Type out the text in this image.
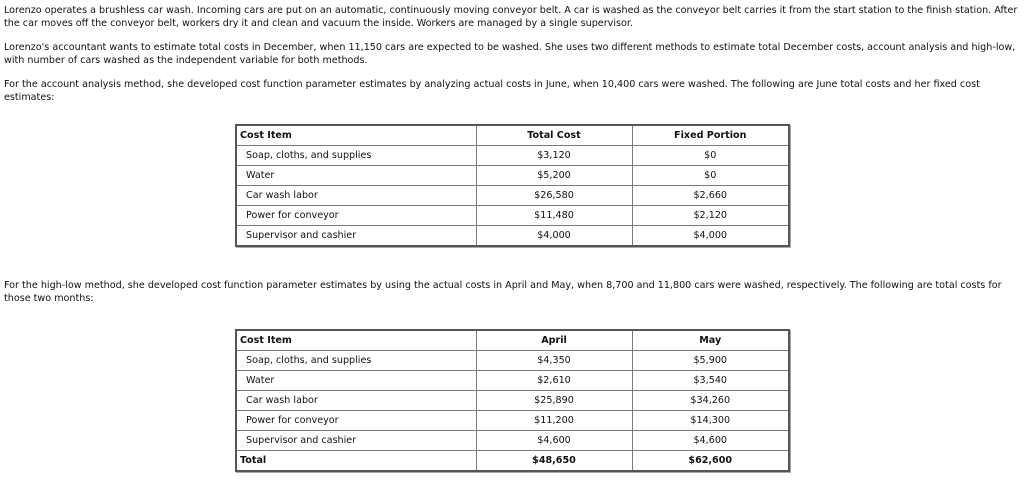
Lorenzo operates a brushless car wash. Incoming cars are put on an automatic, continuously moving conveyor belt. A car is washed as the conveyor belt carries it from the start station to the finish station. After the car moves off the conveyor belt, workers dry it and clean and vacuum the inside. Workers are managed by a single supervisor.

Lorenzo's accountant wants to estimate total costs in December, when 11,150 cars are expected to be washed. She uses two different methods to estimate total December costs, account analysis and high-low, with number of cars washed as the independent variable for both methods.

For the account analysis method, she developed cost function parameter estimates by analyzing actual costs in June, when 10,400 cars were washed. The following are June total costs and her fixed cost estimates:

Cost Item	Total Cost	Fixed Portion
Soap, cloths, and supplies	$3,120	$0
Water	$5,200	$0
Car wash labor	$26,580	$2,660
Power for conveyor	$11,480	$2,120
Supervisor and cashier	$4,000	$4,000

For the high-low method, she developed cost function parameter estimates by using the actual costs in April and May, when 8,700 and 11,800 cars were washed, respectively. The following are total costs for those two months:

Cost Item	April	May
Soap, cloths, and supplies	$4,350	$5,900
Water	$2,610	$3,540
Car wash labor	$25,890	$34,260
Power for conveyor	$11,200	$14,300
Supervisor and cashier	$4,600	$4,600
Total	$48,650	$62,600
